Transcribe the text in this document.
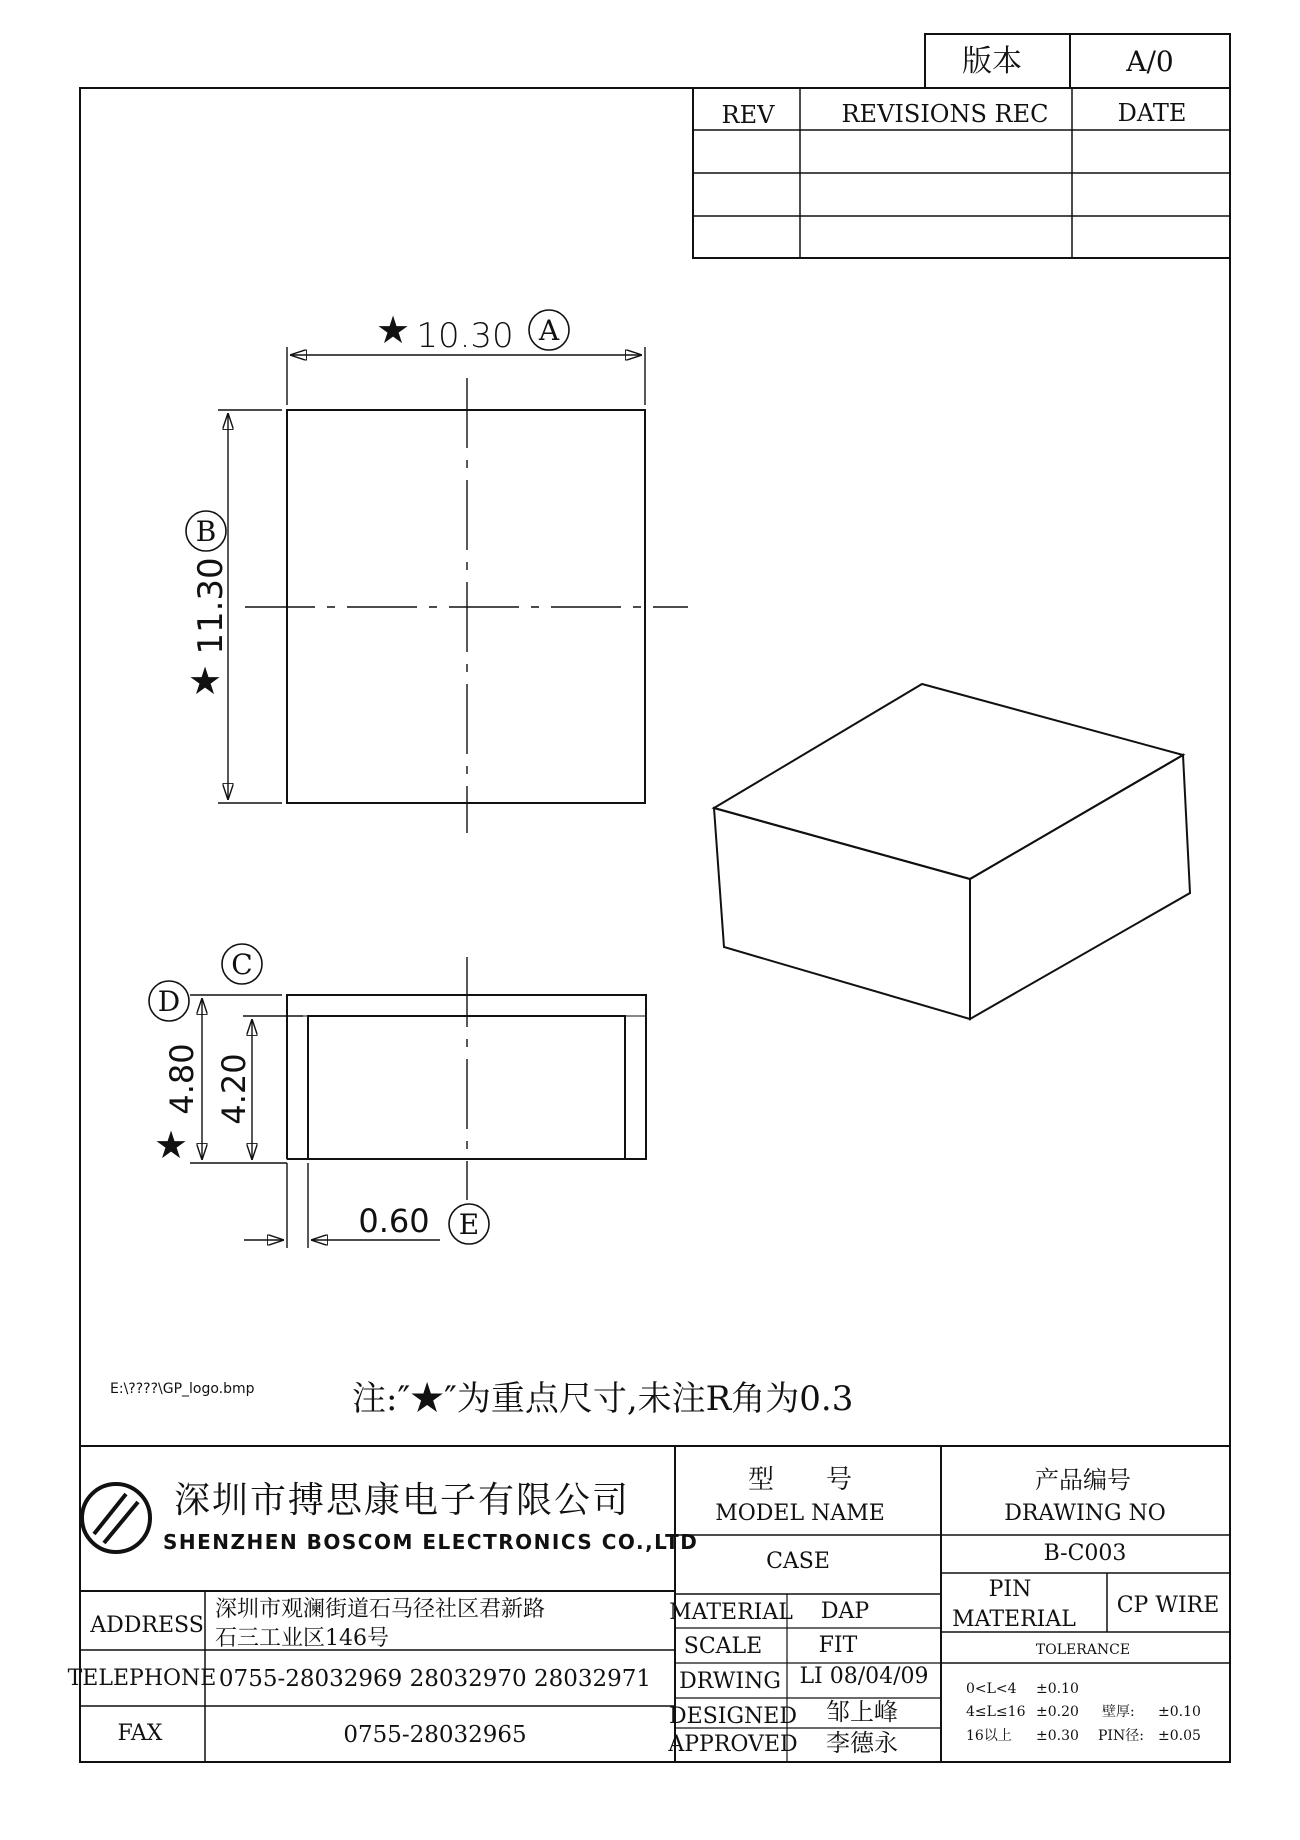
版本	A/0
REV	REVISIONS REC	DATE
★ 10.30 A
11.30
★
B
C
D
4.80
★
4.20
0.60 E
E:\????\GP_logo.bmp	注:″★″为重点尺寸,未注R角为0.3
深圳市搏思康电子有限公司
SHENZHEN BOSCOM ELECTRONICS CO.,LTD
型　　号
MODEL NAME
CASE
产品编号
DRAWING NO
B-C003
PIN
MATERIAL
CP WIRE
TOLERANCE
0<L<4 ±0.10
4≤L≤16 ±0.20 壁厚: ±0.10
16以上 ±0.30 PIN径: ±0.05
MATERIAL DAP
SCALE	FIT
DRWING LI 08/04/09
DESIGNED 邹上峰
APPROVED 李德永
ADDRESS
深圳市观澜街道石马径社区君新路
石三工业区146号
TELEPHONE 0755-28032969 28032970 28032971
FAX	0755-28032965
